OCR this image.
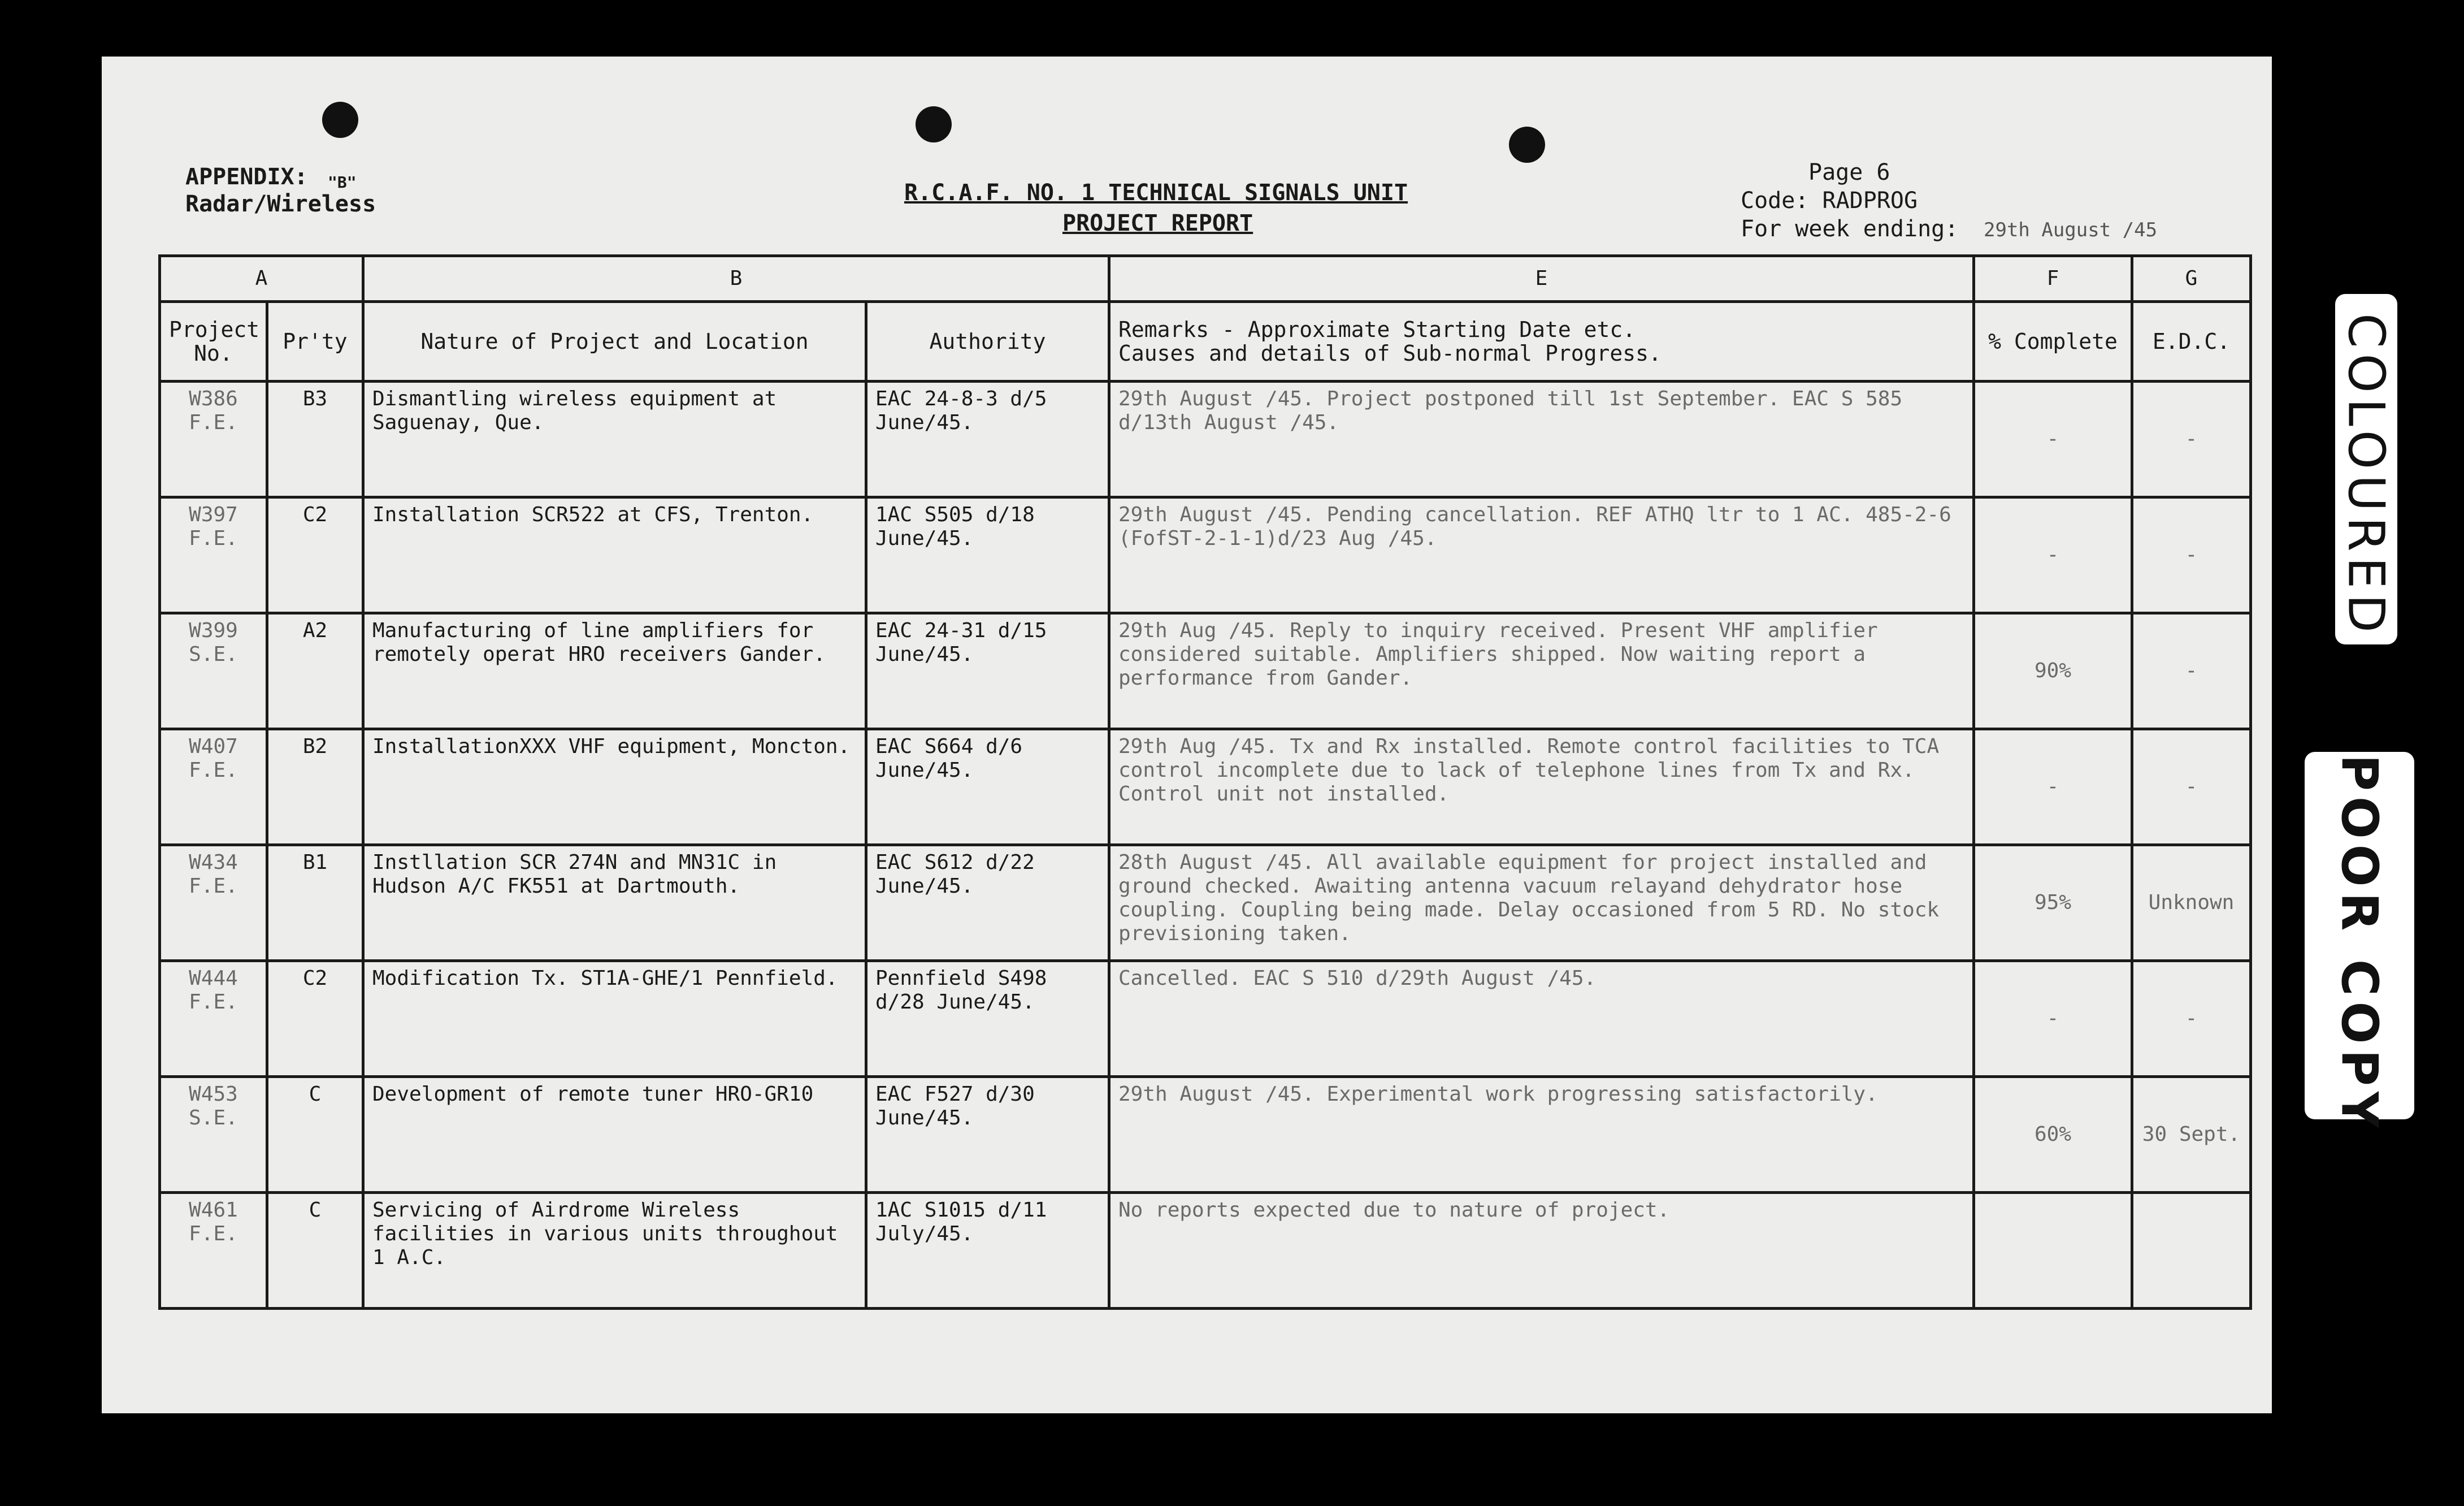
APPENDIX: "B"
Radar/Wireless	R.C.A.F. NO. 1 TECHNICAL SIGNALS UNIT
PROJECT REPORT
Page 6
Code: RADPROG
For week ending: 29th August /45
A		B		E	F	G
Project No.	Pr'ty	Nature of Project and Location	Authority	Remarks - Approximate Starting Date etc.
Causes and details of Sub-normal Progress.	% Complete	E.D.C.

W386
F.E.	B3	Dismantling wireless equipment at Saguenay, Que.	EAC 24-8-3 d/5 June/45.	29th August /45. Project postponed till 1st September. EAC S 585 d/13th August /45.	-	-

W397
F.E.	C2	Installation SCR522 at CFS, Trenton.	1AC S505 d/18 June/45.	29th August /45. Pending cancellation. REF ATHQ ltr to 1 AC. 485-2-6 (FofST-2-1-1)d/23 Aug /45.	-	-

W399
S.E.	A2	Manufacturing of line amplifiers for remotely operat HRO receivers Gander.	EAC 24-31 d/15 June/45.	29th Aug /45. Reply to inquiry received. Present VHF amplifier considered suitable. Amplifiers shipped. Now waiting report a performance from Gander.	90%	-

W407
F.E.	B2	InstallationXXX VHF equipment, Moncton.	EAC S664 d/6 June/45.	29th Aug /45. Tx and Rx installed. Remote control facilities to TCA control incomplete due to lack of telephone lines from Tx and Rx. Control unit not installed.	-	-

W434
F.E.	B1	Instllation SCR 274N and MN31C in Hudson A/C FK551 at Dartmouth.	EAC S612 d/22 June/45.	28th August /45. All available equipment for project installed and ground checked. Awaiting antenna vacuum relayand dehydrator hose coupling. Coupling being made. Delay occasioned from 5 RD. No stock previsioning taken.	95%	Unknown

W444
F.E.	C2	Modification Tx. ST1A-GHE/1 Pennfield.	Pennfield S498 d/28 June/45.	Cancelled. EAC S 510 d/29th August /45.	-	-

W453
S.E.	C	Development of remote tuner HRO-GR10	EAC F527 d/30 June/45.	29th August /45. Experimental work progressing satisfactorily.	60%	30 Sept.

W461
F.E.	C	Servicing of Airdrome Wireless facilities in various units throughout 1 A.C.	1AC S1015 d/11 July/45.	No reports expected due to nature of project.		
COLOURED
POOR COPY
